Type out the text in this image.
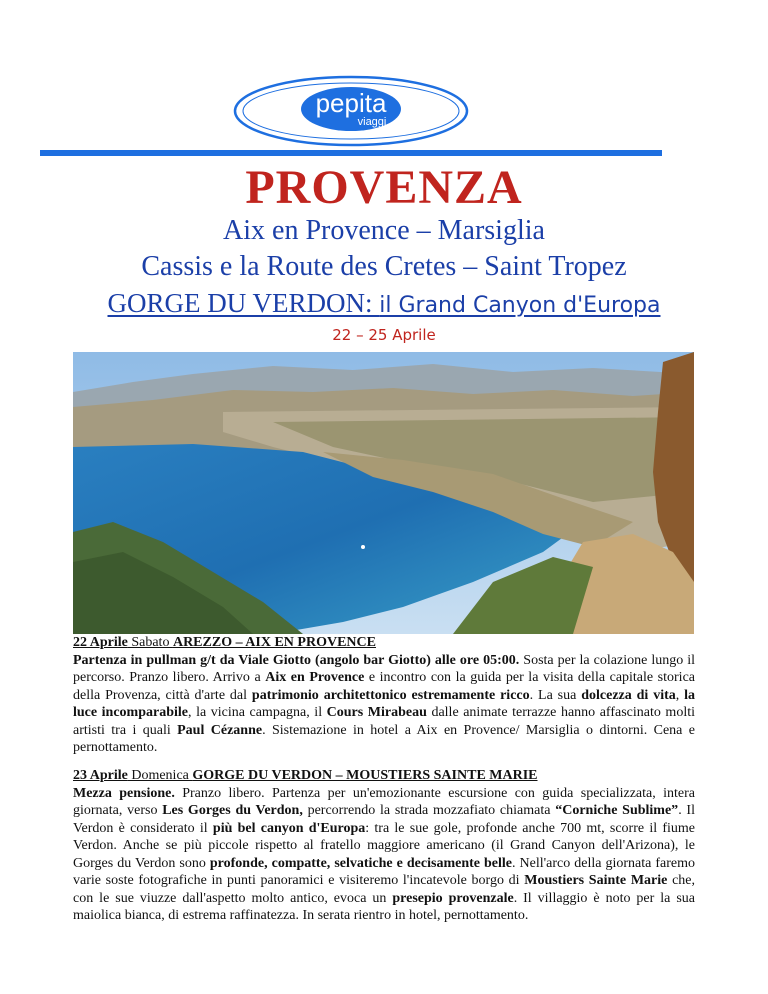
pepita
viaggi
PROVENZA
Aix en Provence – Marsiglia
Cassis e la Route des Cretes – Saint Tropez
GORGE DU VERDON: il Grand Canyon d'Europa
22 – 25 Aprile

22 Aprile Sabato AREZZO – AIX EN PROVENCE

Partenza in pullman g/t da Viale Giotto (angolo bar Giotto) alle ore 05:00. Sosta per la colazione lungo il percorso. Pranzo libero. Arrivo a Aix en Provence e incontro con la guida per la visita della capitale storica della Provenza, città d'arte dal patrimonio architettonico estremamente ricco. La sua dolcezza di vita, la luce incomparabile, la vicina campagna, il Cours Mirabeau dalle animate terrazze hanno affascinato molti artisti tra i quali Paul Cézanne. Sistemazione in hotel a Aix en Provence/ Marsiglia o dintorni. Cena e pernottamento.

23 Aprile Domenica GORGE DU VERDON – MOUSTIERS SAINTE MARIE

Mezza pensione. Pranzo libero. Partenza per un'emozionante escursione con guida specializzata, intera giornata, verso Les Gorges du Verdon, percorrendo la strada mozzafiato chiamata “Corniche Sublime”. Il Verdon è considerato il più bel canyon d'Europa: tra le sue gole, profonde anche 700 mt, scorre il fiume Verdon. Anche se più piccole rispetto al fratello maggiore americano (il Grand Canyon dell'Arizona), le Gorges du Verdon sono profonde, compatte, selvatiche e decisamente belle. Nell'arco della giornata faremo varie soste fotografiche in punti panoramici e visiteremo l'incatevole borgo di Moustiers Sainte Marie che, con le sue viuzze dall'aspetto molto antico, evoca un presepio provenzale. Il villaggio è noto per la sua maiolica bianca, di estrema raffinatezza. In serata rientro in hotel, pernottamento.
